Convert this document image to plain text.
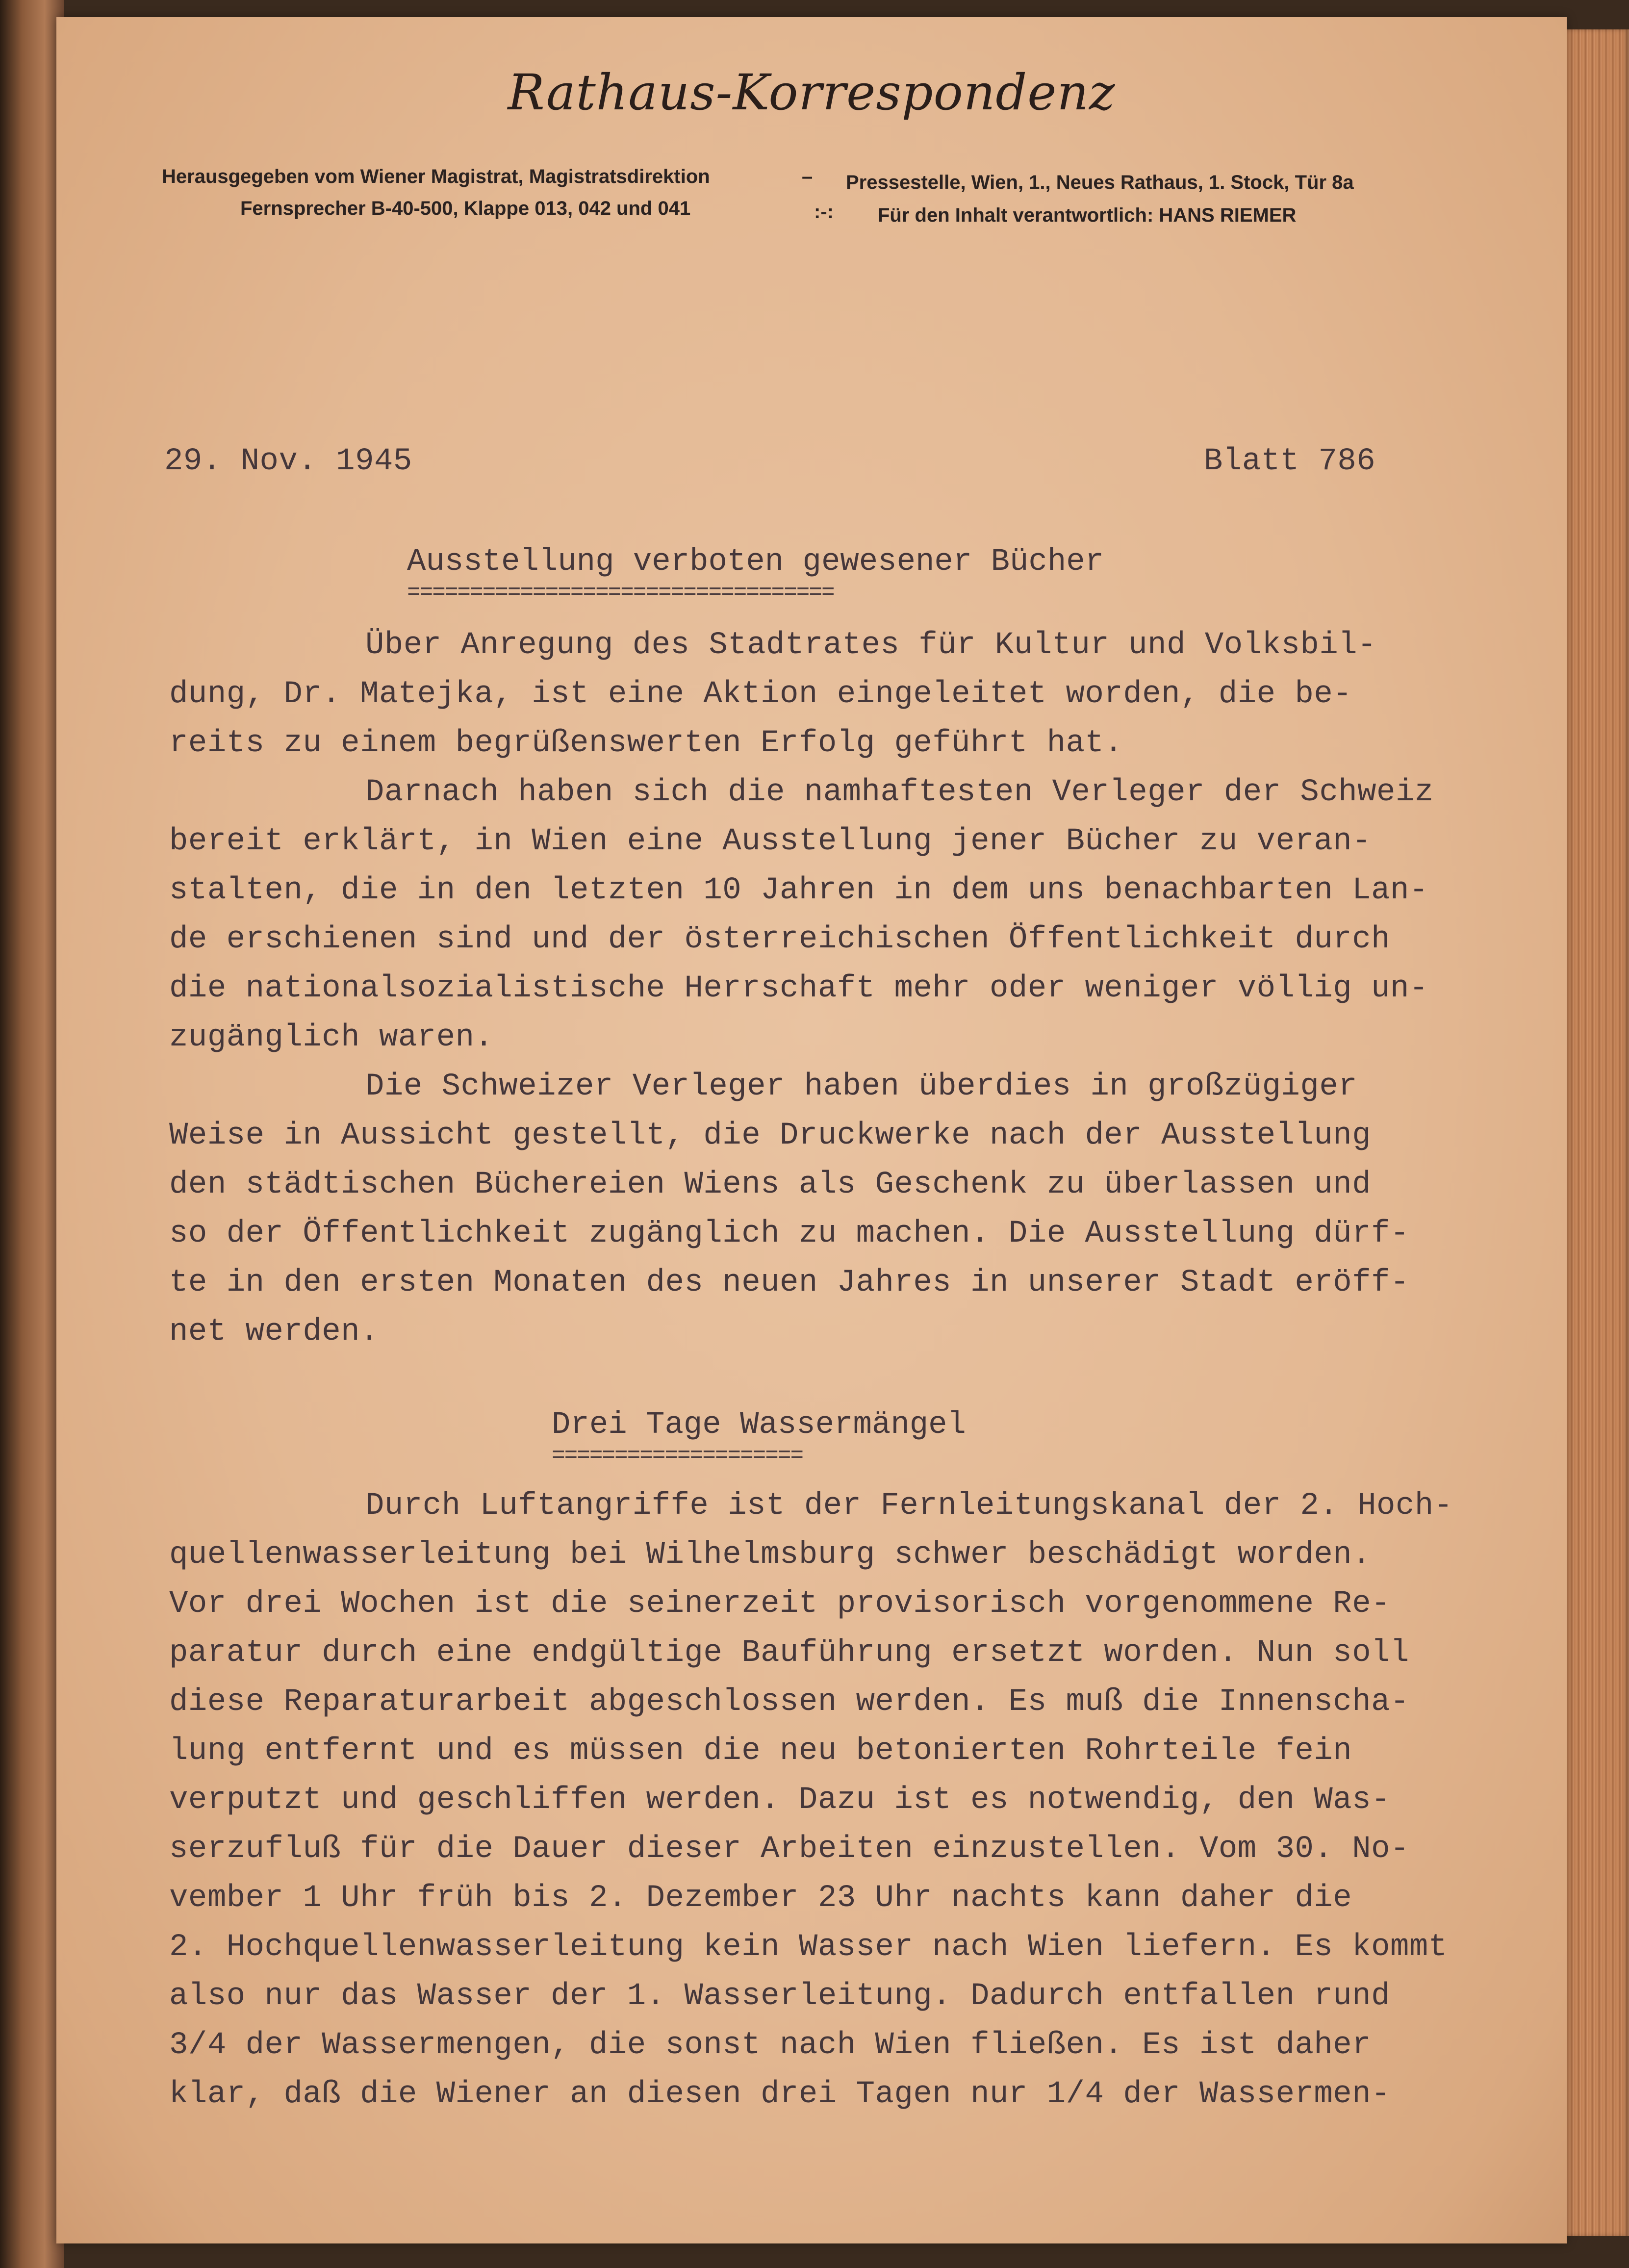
Rathaus-Korrespondenz
Herausgegeben vom Wiener Magistrat, Magistratsdirektion	– Pressestelle, Wien, 1., Neues Rathaus, 1. Stock, Tür 8a
Fernsprecher B-40-500, Klappe 013, 042 und 041	:-: Für den Inhalt verantwortlich: HANS RIEMER
29. Nov. 1945	Blatt 786
Ausstellung verboten gewesener Bücher
==================================
Über Anregung des Stadtrates für Kultur und Volksbil-
dung, Dr. Matejka, ist eine Aktion eingeleitet worden, die be-
reits zu einem begrüßenswerten Erfolg geführt hat.
Darnach haben sich die namhaftesten Verleger der Schweiz
bereit erklärt, in Wien eine Ausstellung jener Bücher zu veran-
stalten, die in den letzten 10 Jahren in dem uns benachbarten Lan-
de erschienen sind und der österreichischen Öffentlichkeit durch
die nationalsozialistische Herrschaft mehr oder weniger völlig un-
zugänglich waren.
Die Schweizer Verleger haben überdies in großzügiger
Weise in Aussicht gestellt, die Druckwerke nach der Ausstellung
den städtischen Büchereien Wiens als Geschenk zu überlassen und
so der Öffentlichkeit zugänglich zu machen. Die Ausstellung dürf-
te in den ersten Monaten des neuen Jahres in unserer Stadt eröff-
net werden.
Drei Tage Wassermängel
====================
Durch Luftangriffe ist der Fernleitungskanal der 2. Hoch-
quellenwasserleitung bei Wilhelmsburg schwer beschädigt worden.
Vor drei Wochen ist die seinerzeit provisorisch vorgenommene Re-
paratur durch eine endgültige Bauführung ersetzt worden. Nun soll
diese Reparaturarbeit abgeschlossen werden. Es muß die Innenscha-
lung entfernt und es müssen die neu betonierten Rohrteile fein
verputzt und geschliffen werden. Dazu ist es notwendig, den Was-
serzufluß für die Dauer dieser Arbeiten einzustellen. Vom 30. No-
vember 1 Uhr früh bis 2. Dezember 23 Uhr nachts kann daher die
2. Hochquellenwasserleitung kein Wasser nach Wien liefern. Es kommt
also nur das Wasser der 1. Wasserleitung. Dadurch entfallen rund
3/4 der Wassermengen, die sonst nach Wien fließen. Es ist daher
klar, daß die Wiener an diesen drei Tagen nur 1/4 der Wassermen-
